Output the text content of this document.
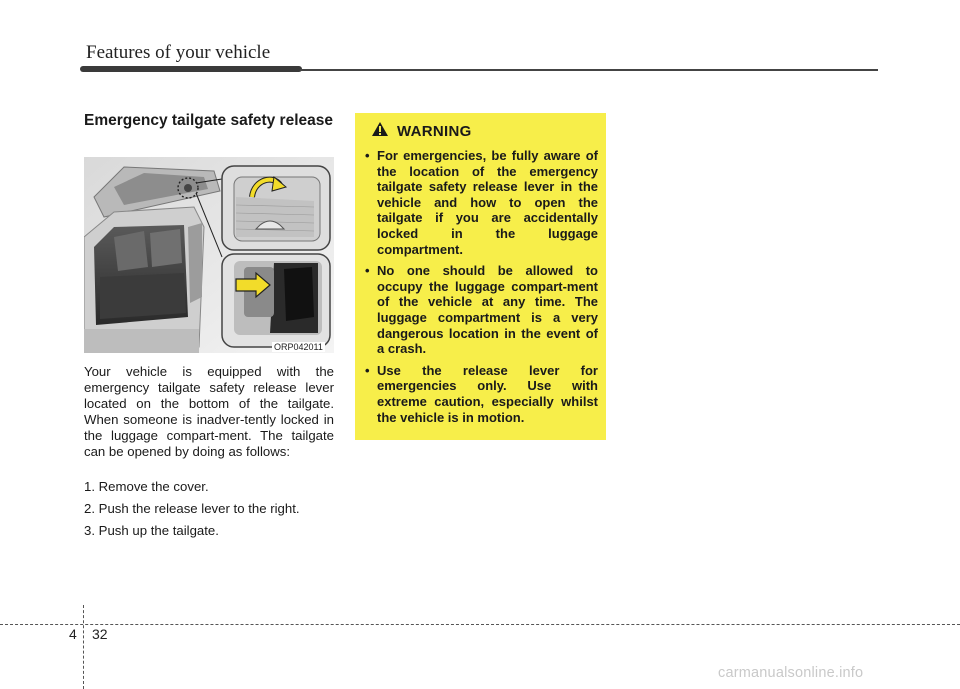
Features of your vehicle
Emergency tailgate safety release
ORP042011

Your vehicle is equipped with the emergency tailgate safety release lever located on the bottom of the tailgate. When someone is inadver-tently locked in the luggage compart-ment. The tailgate can be opened by doing as follows:

1. Remove the cover.
2. Push the release lever to the right.
3. Push up the tailgate.
WARNING
• For emergencies, be fully aware of the location of the emergency tailgate safety release lever in the vehicle and how to open the tailgate if you are accidentally locked in the luggage compartment.
• No one should be allowed to occupy the luggage compart-ment of the vehicle at any time. The luggage compartment is a very dangerous location in the event of a crash.
• Use the release lever for emergencies only. Use with extreme caution, especially whilst the vehicle is in motion.
4 32
carmanualsonline.info
